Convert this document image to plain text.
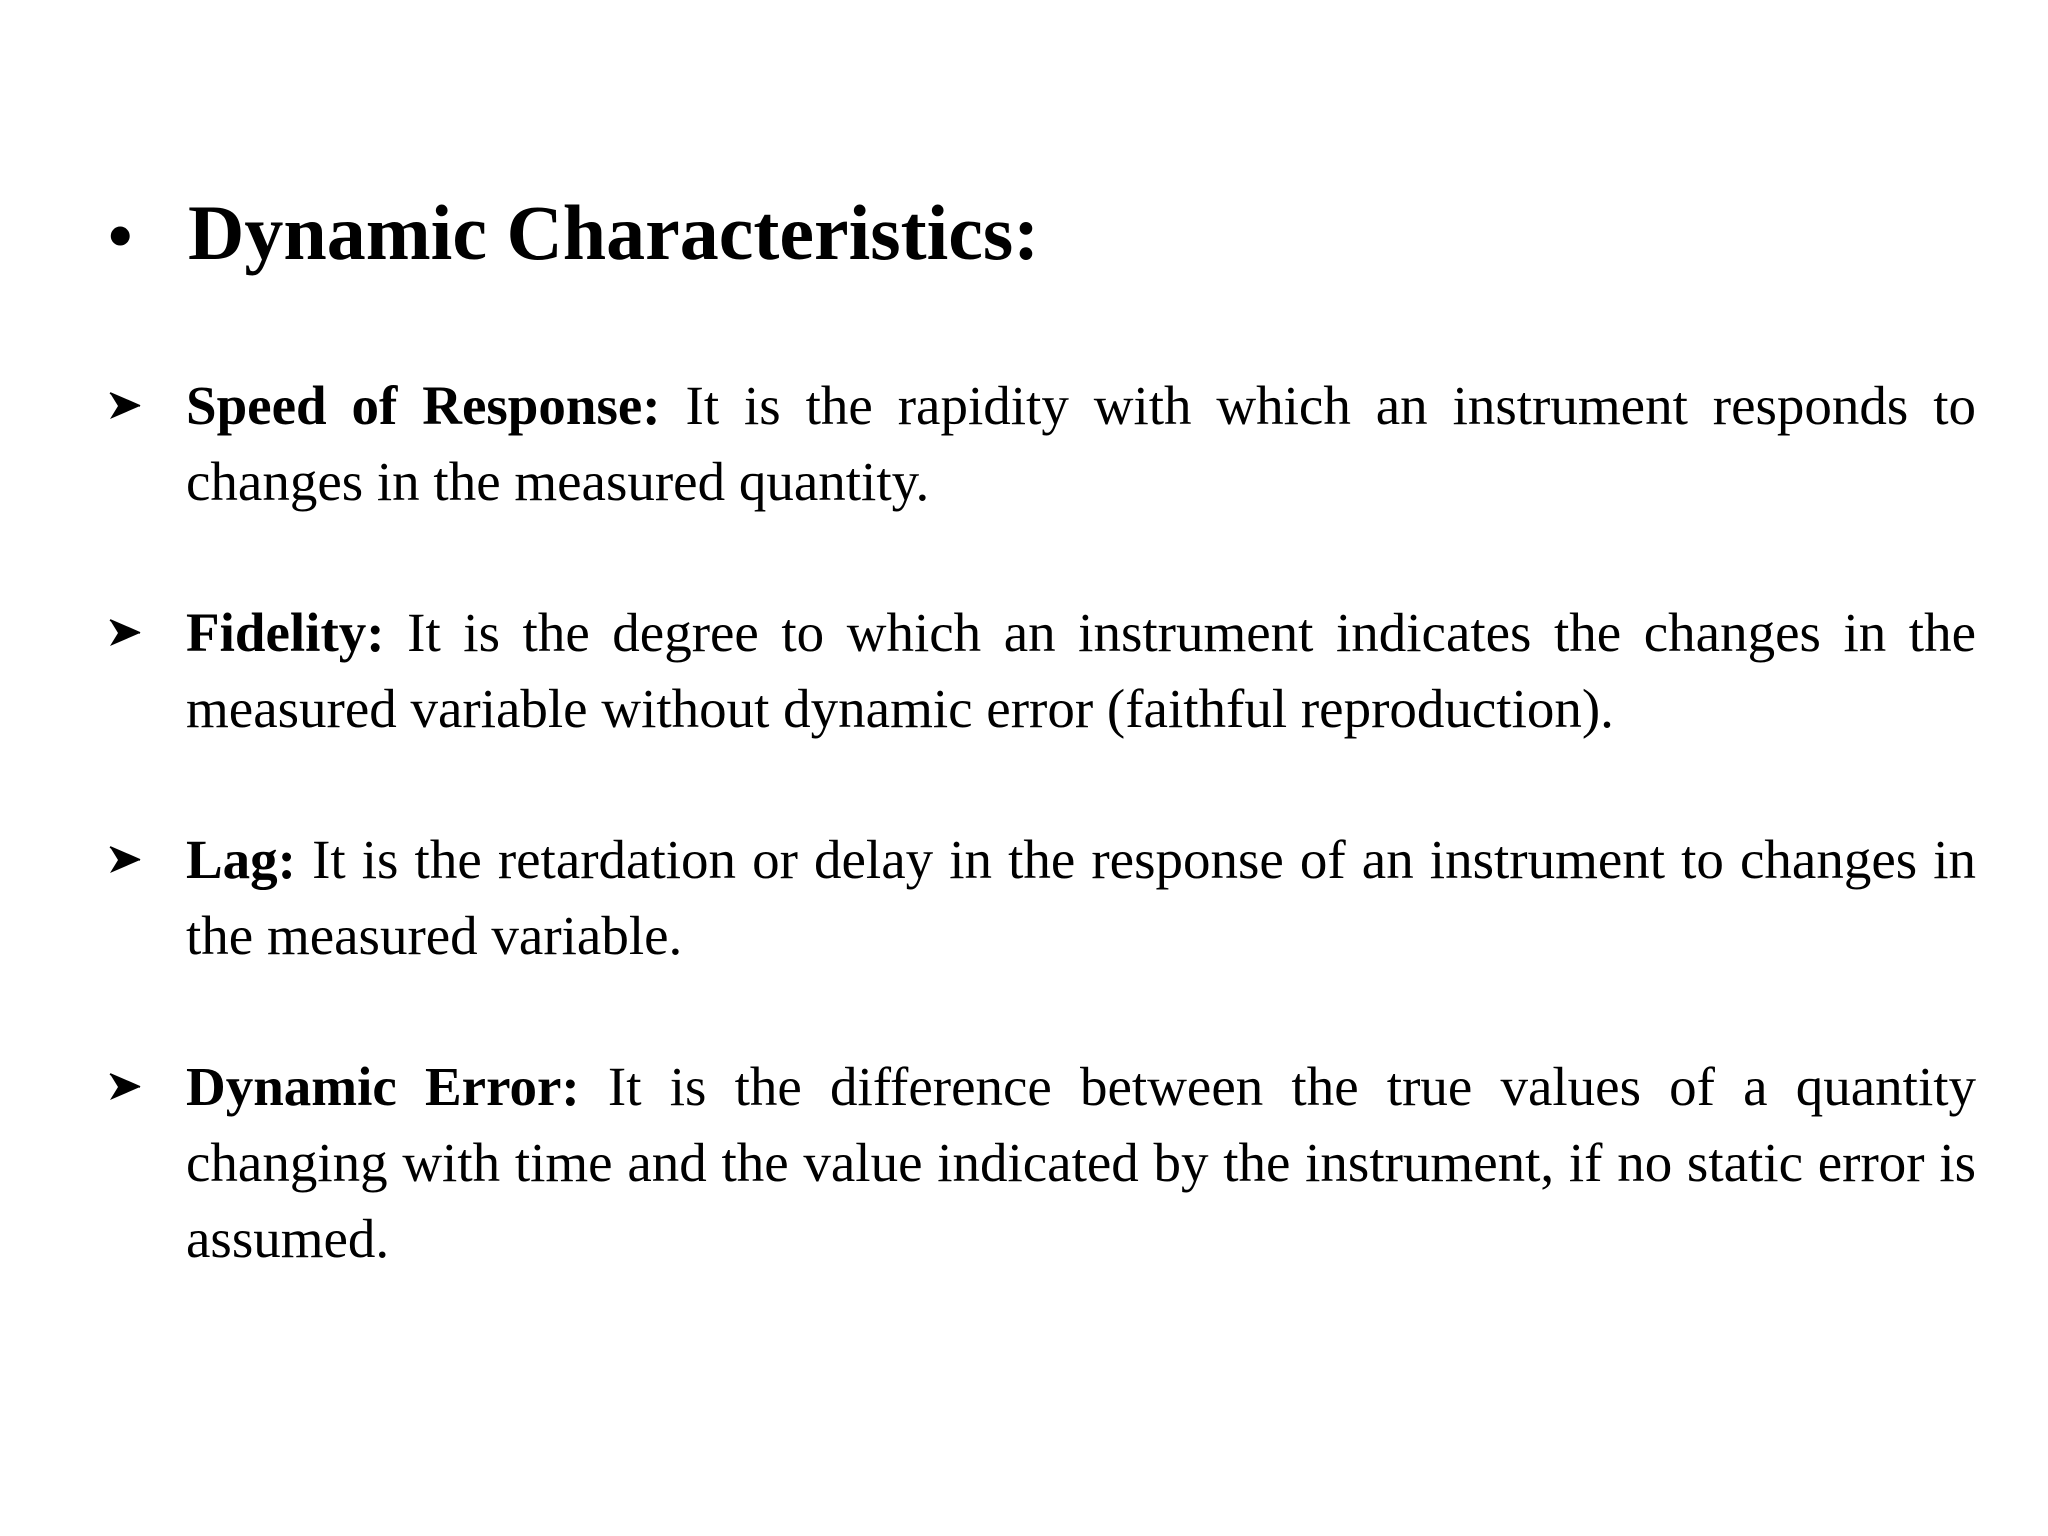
• Dynamic Characteristics:
Speed of Response: It is the rapidity with which an instrument responds to changes in the measured quantity.
Fidelity: It is the degree to which an instrument indicates the changes in the measured variable without dynamic error (faithful reproduction).
Lag: It is the retardation or delay in the response of an instrument to changes in the measured variable.
Dynamic Error: It is the difference between the true values of a quantity changing with time and the value indicated by the instrument, if no static error is assumed.
